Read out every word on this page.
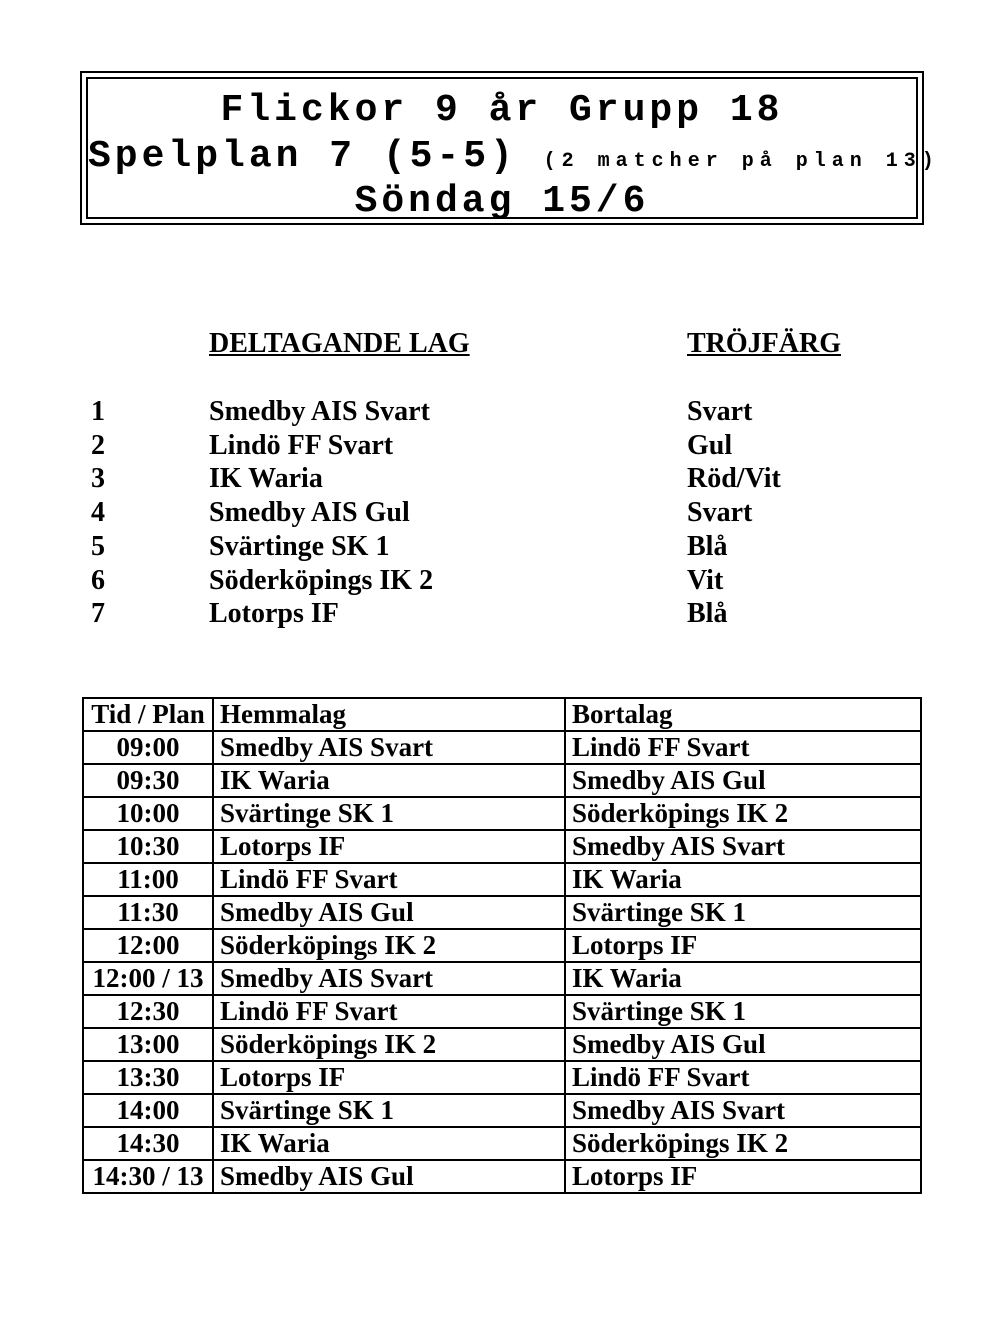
Flickor 9 år Grupp 18
Spelplan 7 (5-5) (2 matcher på plan 13)
Söndag 15/6
DELTAGANDE LAG	TRÖJFÄRG
1	Smedby AIS Svart	Svart
2	Lindö FF Svart	Gul
3	IK Waria	Röd/Vit
4	Smedby AIS Gul	Svart
5	Svärtinge SK 1	Blå
6	Söderköpings IK 2	Vit
7	Lotorps IF	Blå
Tid / Plan	Hemmalag	Bortalag
09:00	Smedby AIS Svart	Lindö FF Svart
09:30	IK Waria	Smedby AIS Gul
10:00	Svärtinge SK 1	Söderköpings IK 2
10:30	Lotorps IF	Smedby AIS Svart
11:00	Lindö FF Svart	IK Waria
11:30	Smedby AIS Gul	Svärtinge SK 1
12:00	Söderköpings IK 2	Lotorps IF
12:00 / 13	Smedby AIS Svart	IK Waria
12:30	Lindö FF Svart	Svärtinge SK 1
13:00	Söderköpings IK 2	Smedby AIS Gul
13:30	Lotorps IF	Lindö FF Svart
14:00	Svärtinge SK 1	Smedby AIS Svart
14:30	IK Waria	Söderköpings IK 2
14:30 / 13	Smedby AIS Gul	Lotorps IF
